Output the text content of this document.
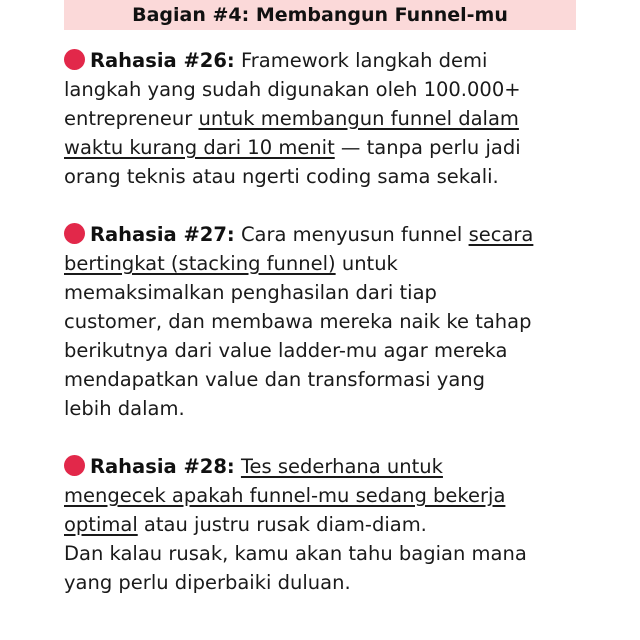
Bagian #4: Membangun Funnel-mu
Rahasia #26: Framework langkah demi
langkah yang sudah digunakan oleh 100.000+
entrepreneur untuk membangun funnel dalam
waktu kurang dari 10 menit — tanpa perlu jadi
orang teknis atau ngerti coding sama sekali.
Rahasia #27: Cara menyusun funnel secara
bertingkat (stacking funnel) untuk
memaksimalkan penghasilan dari tiap
customer, dan membawa mereka naik ke tahap
berikutnya dari value ladder-mu agar mereka
mendapatkan value dan transformasi yang
lebih dalam.
Rahasia #28: Tes sederhana untuk
mengecek apakah funnel-mu sedang bekerja
optimal atau justru rusak diam-diam.
Dan kalau rusak, kamu akan tahu bagian mana
yang perlu diperbaiki duluan.
